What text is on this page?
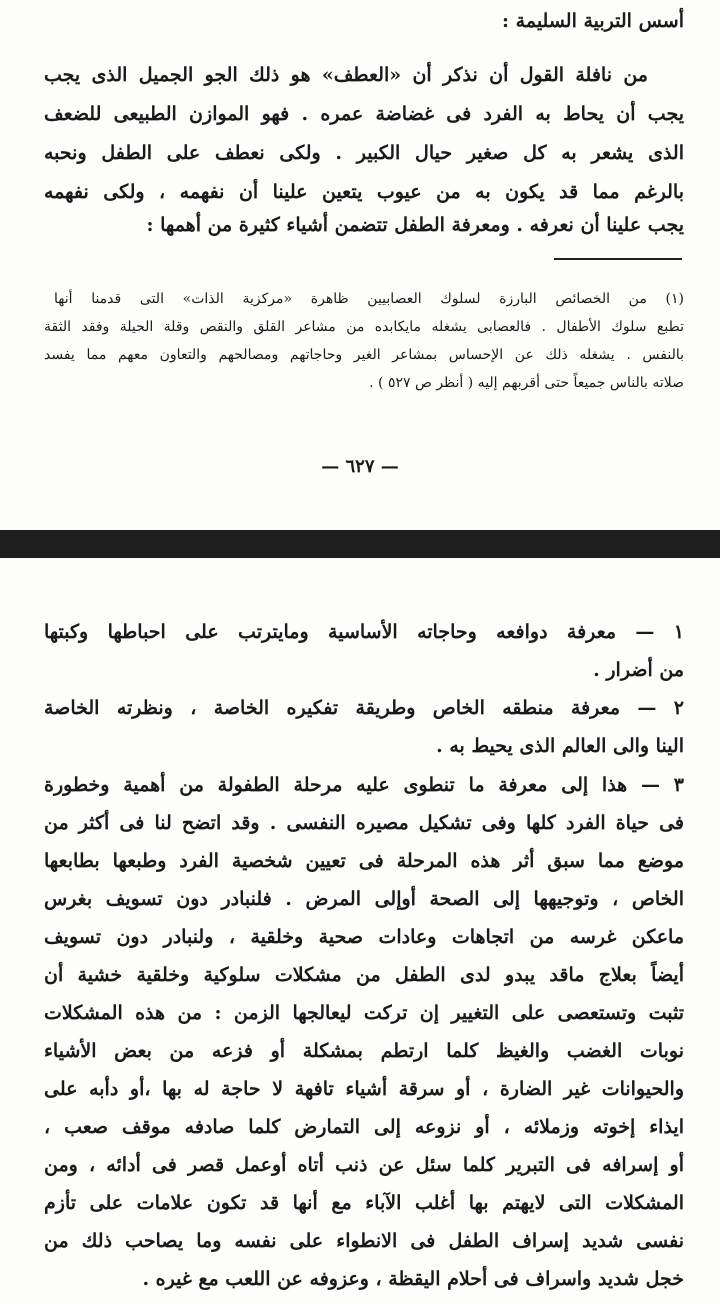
أسس التربية السليمة :
من نافلة القول أن نذكر أن «العطف» هو ذلك الجو الجميل الذى يجب
يجب أن يحاط به الفرد فى غضاضة عمره . فهو الموازن الطبيعى للضعف
الذى يشعر به كل صغير حيال الكبير . ولكى نعطف على الطفل ونحبه
بالرغم مما قد يكون به من عيوب يتعين علينا أن نفهمه ، ولكى نفهمه
يجب علينا أن نعرفه . ومعرفة الطفل تتضمن أشياء كثيرة من أهمها :
(١) من الخصائص البارزة لسلوك العصابيين ظاهرة «مركزية الذات» التى قدمنا أنها
تطبع سلوك الأطفال . فالعصابى يشغله مايكابده من مشاعر القلق والنقص وقلة الحيلة وفقد الثقة
بالنفس . يشغله ذلك عن الإحساس بمشاعر الغير وحاجاتهم ومصالحهم والتعاون معهم مما يفسد
صلاته بالناس جميعاً حتى أقربهم إليه ( أنظر ص ٥٢٧ ) .
— ٦٢٧ —
١ — معرفة دوافعه وحاجاته الأساسية ومايترتب على احباطها وكبتها
من أضرار .
٢ — معرفة منطقه الخاص وطريقة تفكيره الخاصة ، ونظرته الخاصة
الينا والى العالم الذى يحيط به .
٣ — هذا إلى معرفة ما تنطوى عليه مرحلة الطفولة من أهمية وخطورة
فى حياة الفرد كلها وفى تشكيل مصيره النفسى . وقد اتضح لنا فى أكثر من
موضع مما سبق أثر هذه المرحلة فى تعيين شخصية الفرد وطبعها بطابعها
الخاص ، وتوجيهها إلى الصحة أوإلى المرض . فلنبادر دون تسويف بغرس
ماعكن غرسه من اتجاهات وعادات صحية وخلقية ، ولنبادر دون تسويف
أيضاً بعلاج ماقد يبدو لدى الطفل من مشكلات سلوكية وخلقية خشية أن
تثبت وتستعصى على التغيير إن تركت ليعالجها الزمن : من هذه المشكلات
نوبات الغضب والغيظ كلما ارتطم بمشكلة أو فزعه من بعض الأشياء
والحيوانات غير الضارة ، أو سرقة أشياء تافهة لا حاجة له بها ،أو دأبه على
ايذاء إخوته وزملائه ، أو نزوعه إلى التمارض كلما صادفه موقف صعب ،
أو إسرافه فى التبرير كلما سئل عن ذنب أتاه أوعمل قصر فى أدائه ، ومن
المشكلات التى لايهتم بها أغلب الآباء مع أنها قد تكون علامات على تأزم
نفسى شديد إسراف الطفل فى الانطواء على نفسه وما يصاحب ذلك من
خجل شديد واسراف فى أحلام اليقظة ، وعزوفه عن اللعب مع غيره .
